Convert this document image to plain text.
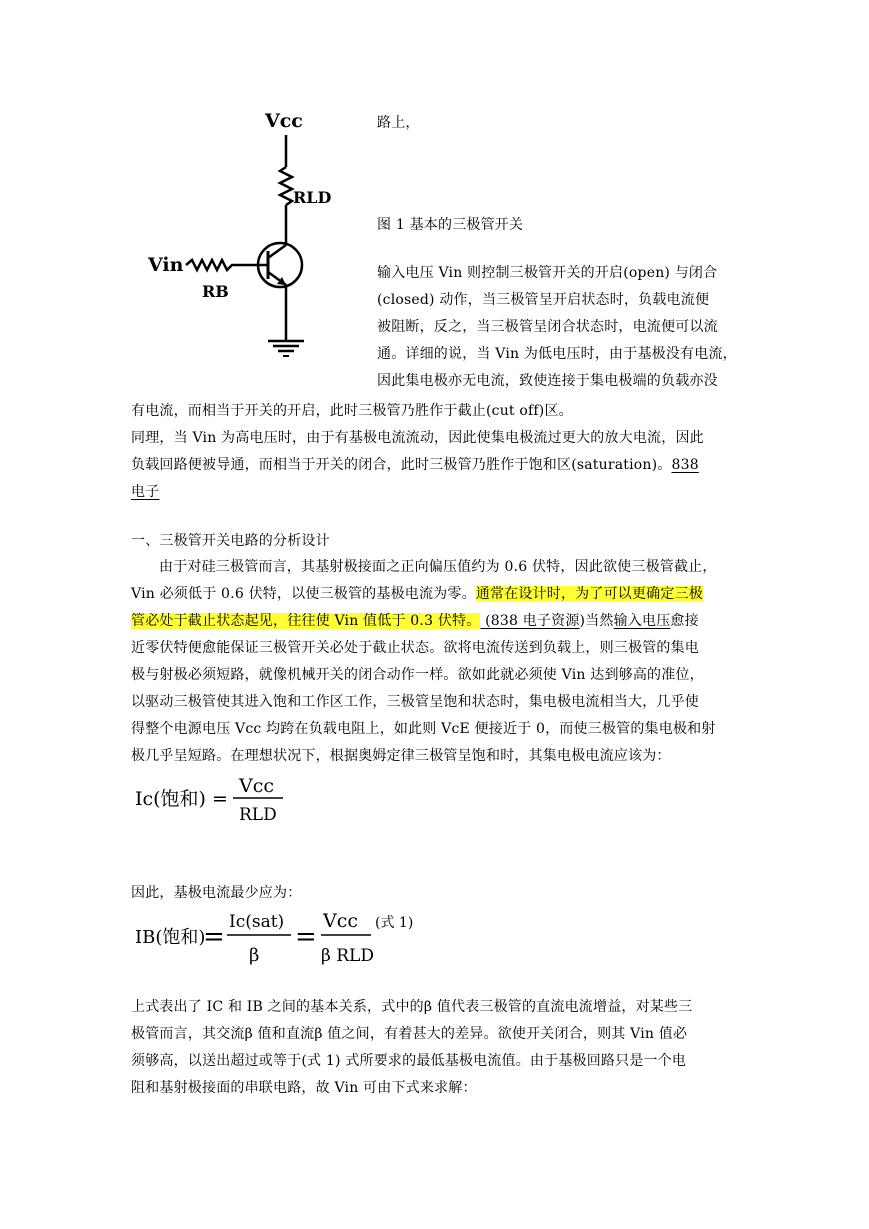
Vcc
RLD
Vin
RB
路上，
图 1 基本的三极管开关
输入电压 Vin 则控制三极管开关的开启(open) 与闭合
(closed) 动作，当三极管呈开启状态时，负载电流便
被阻断，反之，当三极管呈闭合状态时，电流便可以流
通。详细的说，当 Vin 为低电压时，由于基极没有电流，
因此集电极亦无电流，致使连接于集电极端的负载亦没
有电流，而相当于开关的开启，此时三极管乃胜作于截止(cut off)区。
同理，当 Vin 为高电压时，由于有基极电流流动，因此使集电极流过更大的放大电流，因此
负载回路便被导通，而相当于开关的闭合，此时三极管乃胜作于饱和区(saturation)。838
电子
一、三极管开关电路的分析设计
由于对硅三极管而言，其基射极接面之正向偏压值约为 0.6 伏特，因此欲使三极管截止，
Vin 必须低于 0.6 伏特，以使三极管的基极电流为零。通常在设计时，为了可以更确定三极
管必处于截止状态起见，往往使 Vin 值低于 0.3 伏特。 (838 电子资源)当然输入电压愈接
近零伏特便愈能保证三极管开关必处于截止状态。欲将电流传送到负载上，则三极管的集电
极与射极必须短路，就像机械开关的闭合动作一样。欲如此就必须使 Vin 达到够高的准位，
以驱动三极管使其进入饱和工作区工作，三极管呈饱和状态时，集电极电流相当大，几乎使
得整个电源电压 Vcc 均跨在负载电阻上，如此则 VcE 便接近于 0，而使三极管的集电极和射
极几乎呈短路。在理想状况下，根据奥姆定律三极管呈饱和时，其集电极电流应该为：
Ic(饱和) =
Vcc
RLD
因此，基极电流最少应为：
IB(饱和)
= Ic(sat)
β
=
Vcc
β RLD
(式 1)
上式表出了 IC 和 IB 之间的基本关系，式中的β 值代表三极管的直流电流增益，对某些三
极管而言，其交流β 值和直流β 值之间，有着甚大的差异。欲使开关闭合，则其 Vin 值必
须够高，以送出超过或等于(式 1) 式所要求的最低基极电流值。由于基极回路只是一个电
阻和基射极接面的串联电路，故 Vin 可由下式来求解：
